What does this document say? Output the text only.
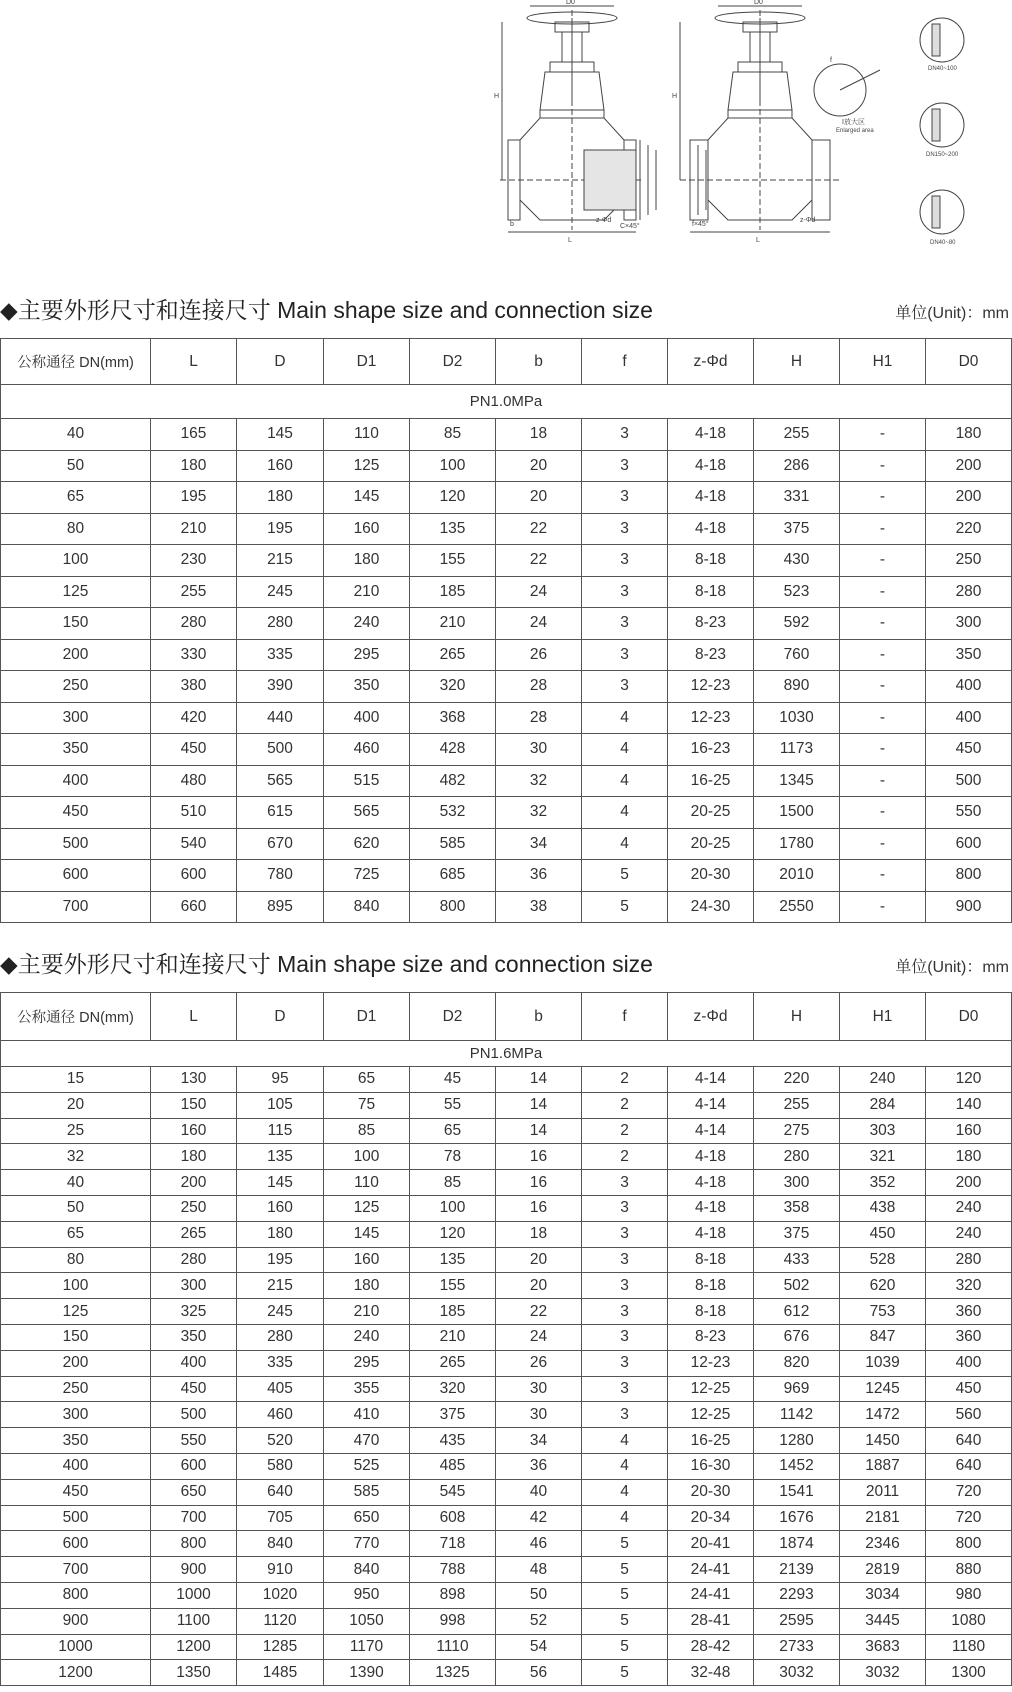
D0
H
b
L
z-Φd
C×45°
D0
H
f
I放大区
Enlarged area
f×45°
L
z-Φd
DN40~100
DN150~200
DN40~80
◆主要外形尺寸和连接尺寸 Main shape size and connection size	单位(Unit)：mm
公称通径 DN(mm)	L	D	D1	D2	b	f	z-Φd	H	H1	D0
PN1.0MPa										
40	165	145	110	85	18	3	4-18	255	-	180
50	180	160	125	100	20	3	4-18	286	-	200
65	195	180	145	120	20	3	4-18	331	-	200
80	210	195	160	135	22	3	4-18	375	-	220
100	230	215	180	155	22	3	8-18	430	-	250
125	255	245	210	185	24	3	8-18	523	-	280
150	280	280	240	210	24	3	8-23	592	-	300
200	330	335	295	265	26	3	8-23	760	-	350
250	380	390	350	320	28	3	12-23	890	-	400
300	420	440	400	368	28	4	12-23	1030	-	400
350	450	500	460	428	30	4	16-23	1173	-	450
400	480	565	515	482	32	4	16-25	1345	-	500
450	510	615	565	532	32	4	20-25	1500	-	550
500	540	670	620	585	34	4	20-25	1780	-	600
600	600	780	725	685	36	5	20-30	2010	-	800
700	660	895	840	800	38	5	24-30	2550	-	900
◆主要外形尺寸和连接尺寸 Main shape size and connection size	单位(Unit)：mm
公称通径 DN(mm)	L	D	D1	D2	b	f	z-Φd	H	H1	D0
PN1.6MPa										
15	130	95	65	45	14	2	4-14	220	240	120
20	150	105	75	55	14	2	4-14	255	284	140
25	160	115	85	65	14	2	4-14	275	303	160
32	180	135	100	78	16	2	4-18	280	321	180
40	200	145	110	85	16	3	4-18	300	352	200
50	250	160	125	100	16	3	4-18	358	438	240
65	265	180	145	120	18	3	4-18	375	450	240
80	280	195	160	135	20	3	8-18	433	528	280
100	300	215	180	155	20	3	8-18	502	620	320
125	325	245	210	185	22	3	8-18	612	753	360
150	350	280	240	210	24	3	8-23	676	847	360
200	400	335	295	265	26	3	12-23	820	1039	400
250	450	405	355	320	30	3	12-25	969	1245	450
300	500	460	410	375	30	3	12-25	1142	1472	560
350	550	520	470	435	34	4	16-25	1280	1450	640
400	600	580	525	485	36	4	16-30	1452	1887	640
450	650	640	585	545	40	4	20-30	1541	2011	720
500	700	705	650	608	42	4	20-34	1676	2181	720
600	800	840	770	718	46	5	20-41	1874	2346	800
700	900	910	840	788	48	5	24-41	2139	2819	880
800	1000	1020	950	898	50	5	24-41	2293	3034	980
900	1100	1120	1050	998	52	5	28-41	2595	3445	1080
1000	1200	1285	1170	1110	54	5	28-42	2733	3683	1180
1200	1350	1485	1390	1325	56	5	32-48	3032	3032	1300
